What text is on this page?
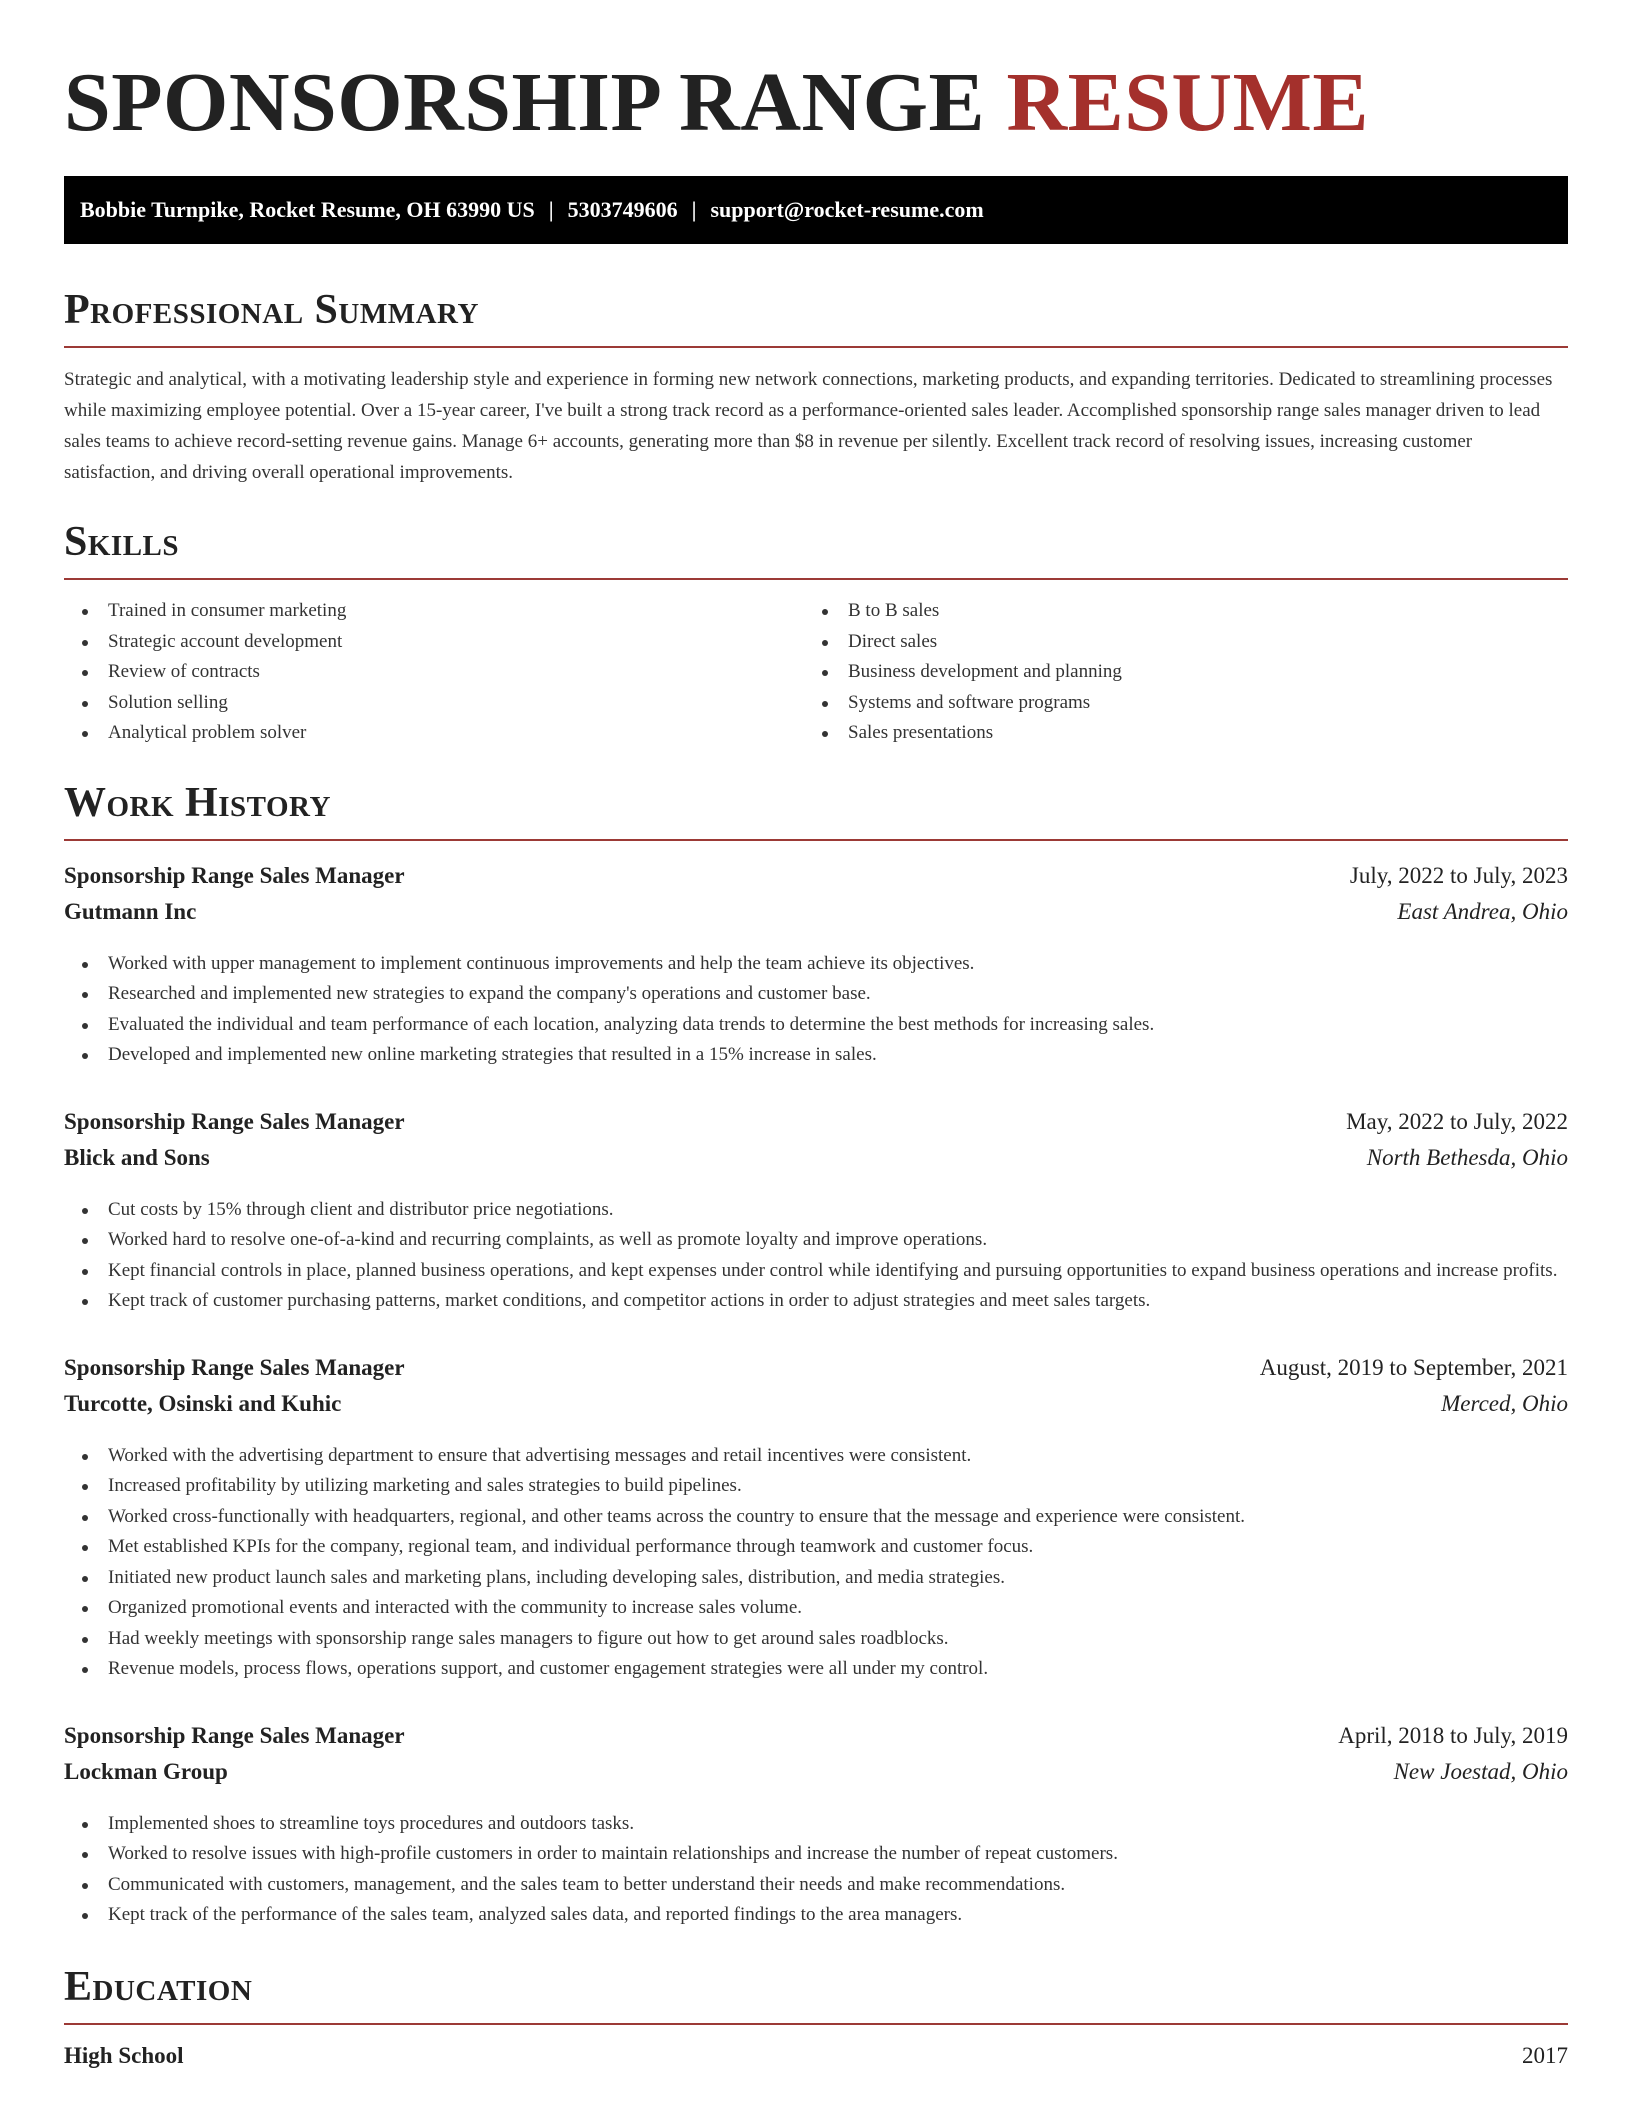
SPONSORSHIP RANGE RESUME
Bobbie Turnpike, Rocket Resume, OH 63990 US | 5303749606 | support@rocket-resume.com
Professional Summary

Strategic and analytical, with a motivating leadership style and experience in forming new network connections, marketing products, and expanding territories. Dedicated to streamlining processes while maximizing employee potential. Over a 15-year career, I've built a strong track record as a performance-oriented sales leader. Accomplished sponsorship range sales manager driven to lead sales teams to achieve record-setting revenue gains. Manage 6+ accounts, generating more than $8 in revenue per silently. Excellent track record of resolving issues, increasing customer satisfaction, and driving overall operational improvements.

Skills
Trained in consumer marketing
Strategic account development
Review of contracts
Solution selling
Analytical problem solver
B to B sales
Direct sales
Business development and planning
Systems and software programs
Sales presentations
Work History
Sponsorship Range Sales Manager	July, 2022 to July, 2023
Gutmann Inc	East Andrea, Ohio
Worked with upper management to implement continuous improvements and help the team achieve its objectives.
Researched and implemented new strategies to expand the company's operations and customer base.
Evaluated the individual and team performance of each location, analyzing data trends to determine the best methods for increasing sales.
Developed and implemented new online marketing strategies that resulted in a 15% increase in sales.
Sponsorship Range Sales Manager	May, 2022 to July, 2022
Blick and Sons	North Bethesda, Ohio
Cut costs by 15% through client and distributor price negotiations.
Worked hard to resolve one-of-a-kind and recurring complaints, as well as promote loyalty and improve operations.
Kept financial controls in place, planned business operations, and kept expenses under control while identifying and pursuing opportunities to expand business operations and increase profits.
Kept track of customer purchasing patterns, market conditions, and competitor actions in order to adjust strategies and meet sales targets.
Sponsorship Range Sales Manager	August, 2019 to September, 2021
Turcotte, Osinski and Kuhic	Merced, Ohio
Worked with the advertising department to ensure that advertising messages and retail incentives were consistent.
Increased profitability by utilizing marketing and sales strategies to build pipelines.
Worked cross-functionally with headquarters, regional, and other teams across the country to ensure that the message and experience were consistent.
Met established KPIs for the company, regional team, and individual performance through teamwork and customer focus.
Initiated new product launch sales and marketing plans, including developing sales, distribution, and media strategies.
Organized promotional events and interacted with the community to increase sales volume.
Had weekly meetings with sponsorship range sales managers to figure out how to get around sales roadblocks.
Revenue models, process flows, operations support, and customer engagement strategies were all under my control.
Sponsorship Range Sales Manager	April, 2018 to July, 2019
Lockman Group	New Joestad, Ohio
Implemented shoes to streamline toys procedures and outdoors tasks.
Worked to resolve issues with high-profile customers in order to maintain relationships and increase the number of repeat customers.
Communicated with customers, management, and the sales team to better understand their needs and make recommendations.
Kept track of the performance of the sales team, analyzed sales data, and reported findings to the area managers.
Education
High School	2017
